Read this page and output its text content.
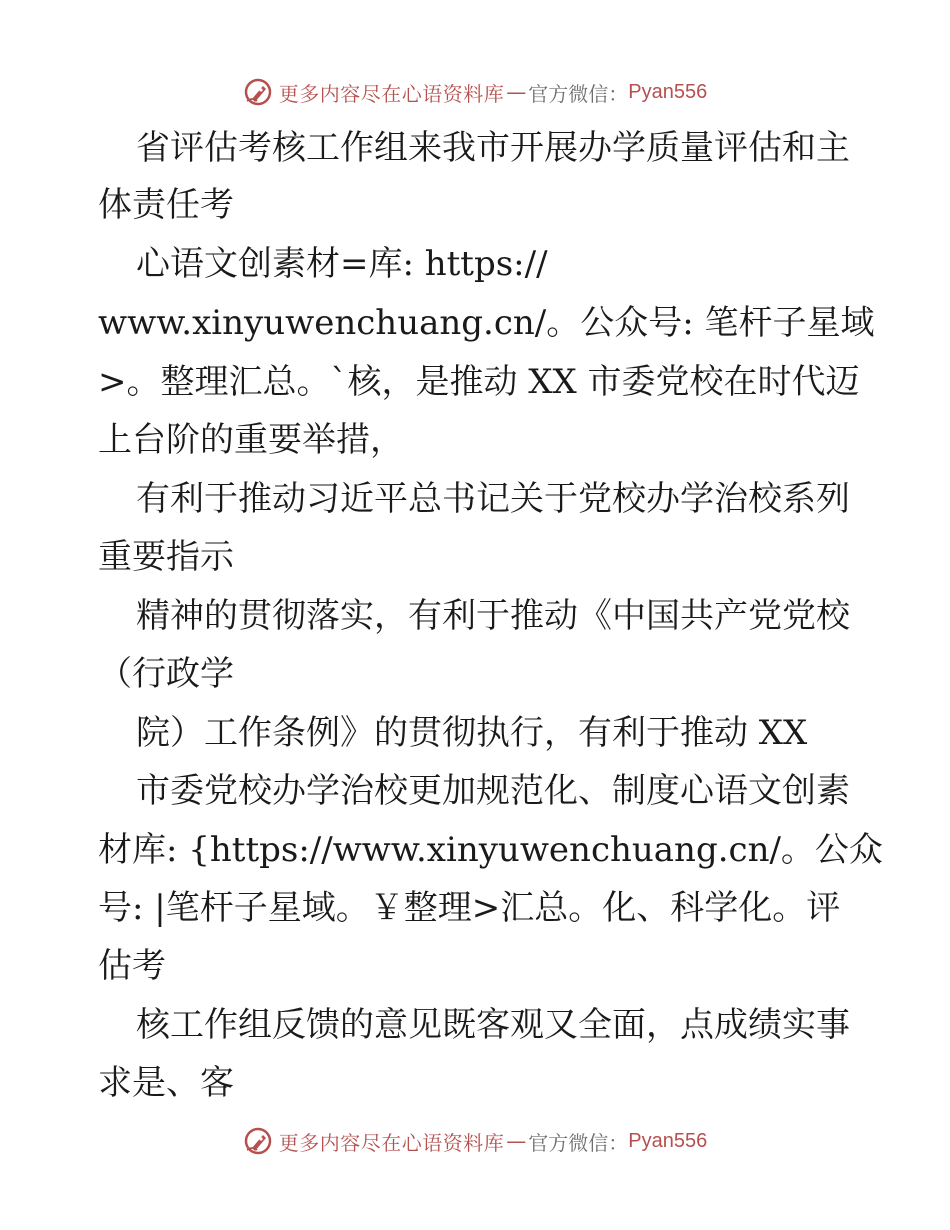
更多内容尽在心语资料库 — 官方微信： Pyan556
省评估考核工作组来我市开展办学质量评估和主
体责任考
心语文创素材=库: https://
www.xinyuwenchuang.cn/。公众号: 笔杆子星域
>。整理汇总。`核，是推动 XX 市委党校在时代迈
上台阶的重要举措，
有利于推动习近平总书记关于党校办学治校系列
重要指示
精神的贯彻落实，有利于推动《中国共产党党校
（行政学
院）工作条例》的贯彻执行，有利于推动 XX
市委党校办学治校更加规范化、制度心语文创素
材库: {https://www.xinyuwenchuang.cn/。公众
号: |笔杆子星域。￥整理>汇总。化、科学化。评
估考
核工作组反馈的意见既客观又全面，点成绩实事
求是、客
更多内容尽在心语资料库 — 官方微信： Pyan556
